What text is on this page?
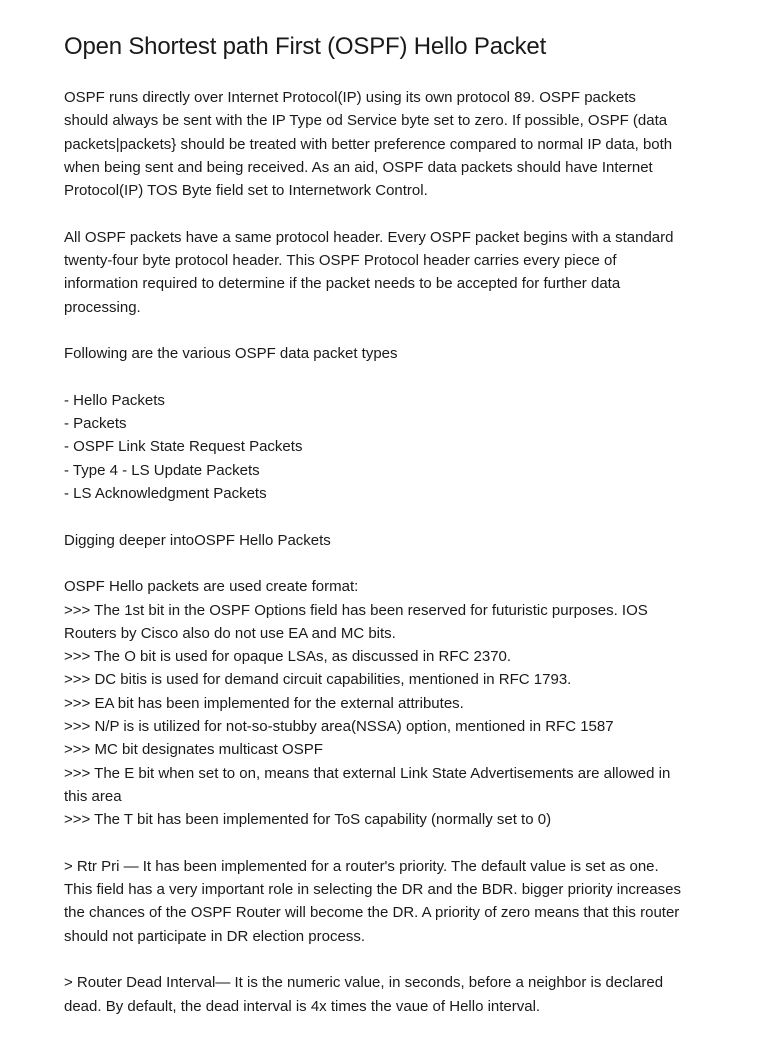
Open Shortest path First (OSPF) Hello Packet
OSPF runs directly over Internet Protocol(IP) using its own protocol 89. OSPF packets
should always be sent with the IP Type od Service byte set to zero. If possible, OSPF (data
packets|packets} should be treated with better preference compared to normal IP data, both
when being sent and being received. As an aid, OSPF data packets should have Internet
Protocol(IP) TOS Byte field set to Internetwork Control.
All OSPF packets have a same protocol header. Every OSPF packet begins with a standard
twenty-four byte protocol header. This OSPF Protocol header carries every piece of
information required to determine if the packet needs to be accepted for further data
processing.
Following are the various OSPF data packet types
- Hello Packets
- Packets
- OSPF Link State Request Packets
- Type 4 - LS Update Packets
- LS Acknowledgment Packets
Digging deeper intoOSPF Hello Packets
OSPF Hello packets are used create format:
>>> The 1st bit in the OSPF Options field has been reserved for futuristic purposes. IOS
Routers by Cisco also do not use EA and MC bits.
>>> The O bit is used for opaque LSAs, as discussed in RFC 2370.
>>> DC bitis is used for demand circuit capabilities, mentioned in RFC 1793.
>>> EA bit has been implemented for the external attributes.
>>> N/P is is utilized for not-so-stubby area(NSSA) option, mentioned in RFC 1587
>>> MC bit designates multicast OSPF
>>> The E bit when set to on, means that external Link State Advertisements are allowed in
this area
>>> The T bit has been implemented for ToS capability (normally set to 0)
> Rtr Pri — It has been implemented for a router's priority. The default value is set as one.
This field has a very important role in selecting the DR and the BDR. bigger priority increases
the chances of the OSPF Router will become the DR. A priority of zero means that this router
should not participate in DR election process.
> Router Dead Interval— It is the numeric value, in seconds, before a neighbor is declared
dead. By default, the dead interval is 4x times the vaue of Hello interval.
